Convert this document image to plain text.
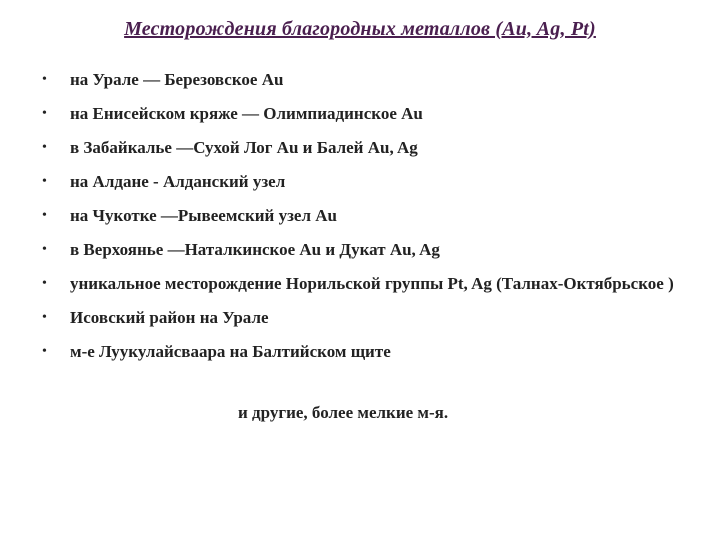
Месторождения благородных металлов (Au, Ag, Pt)
• на Урале — Березовское Au
• на Енисейском кряже — Олимпиадинское Au
• в Забайкалье —Сухой Лог Au и Балей Au, Ag
• на Алдане - Алданский узел
• на Чукотке —Рывеемский узел Au
• в Верхоянье —Наталкинское Au и Дукат Au, Ag
• уникальное месторождение Норильской группы Pt, Ag (Талнах-Октябрьское )
• Исовский район на Урале
• м-е Луукулайсваара на Балтийском щите
и другие, более мелкие м-я.
